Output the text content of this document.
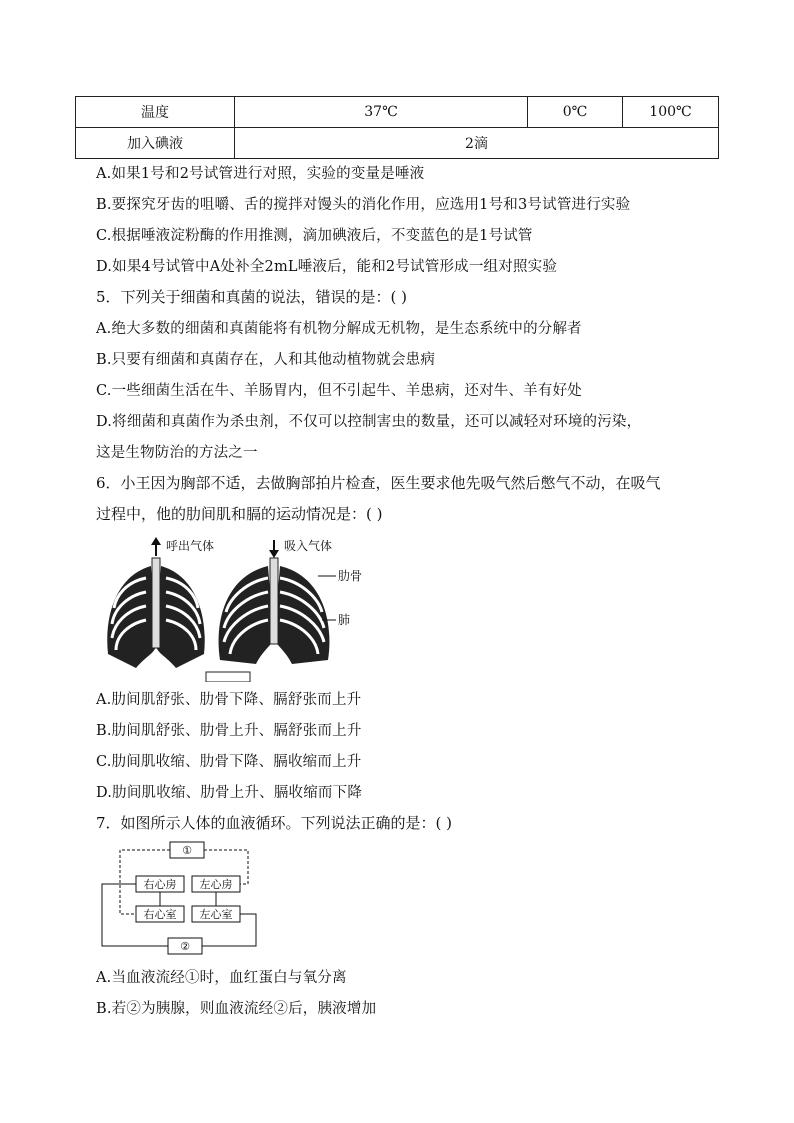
温度	37℃	0℃	100℃
加入碘液	2滴		
A.如果1号和2号试管进行对照，实验的变量是唾液
B.要探究牙齿的咀嚼、舌的搅拌对馒头的消化作用，应选用1号和3号试管进行实验
C.根据唾液淀粉酶的作用推测，滴加碘液后，不变蓝色的是1号试管
D.如果4号试管中A处补全2mL唾液后，能和2号试管形成一组对照实验
5．下列关于细菌和真菌的说法，错误的是：( )
A.绝大多数的细菌和真菌能将有机物分解成无机物，是生态系统中的分解者
B.只要有细菌和真菌存在，人和其他动植物就会患病
C.一些细菌生活在牛、羊肠胃内，但不引起牛、羊患病，还对牛、羊有好处
D.将细菌和真菌作为杀虫剂，不仅可以控制害虫的数量，还可以减轻对环境的污染，
这是生物防治的方法之一
6．小王因为胸部不适，去做胸部拍片检查，医生要求他先吸气然后憋气不动，在吸气
过程中，他的肋间肌和膈的运动情况是：( )
呼出气体	吸入气体
肋骨
肺
A.肋间肌舒张、肋骨下降、膈舒张而上升
B.肋间肌舒张、肋骨上升、膈舒张而上升
C.肋间肌收缩、肋骨下降、膈收缩而上升
D.肋间肌收缩、肋骨上升、膈收缩而下降
7．如图所示人体的血液循环。下列说法正确的是：( )
①
右心房 左心房
右心室 左心室
②
A.当血液流经①时，血红蛋白与氧分离
B.若②为胰腺，则血液流经②后，胰液增加
